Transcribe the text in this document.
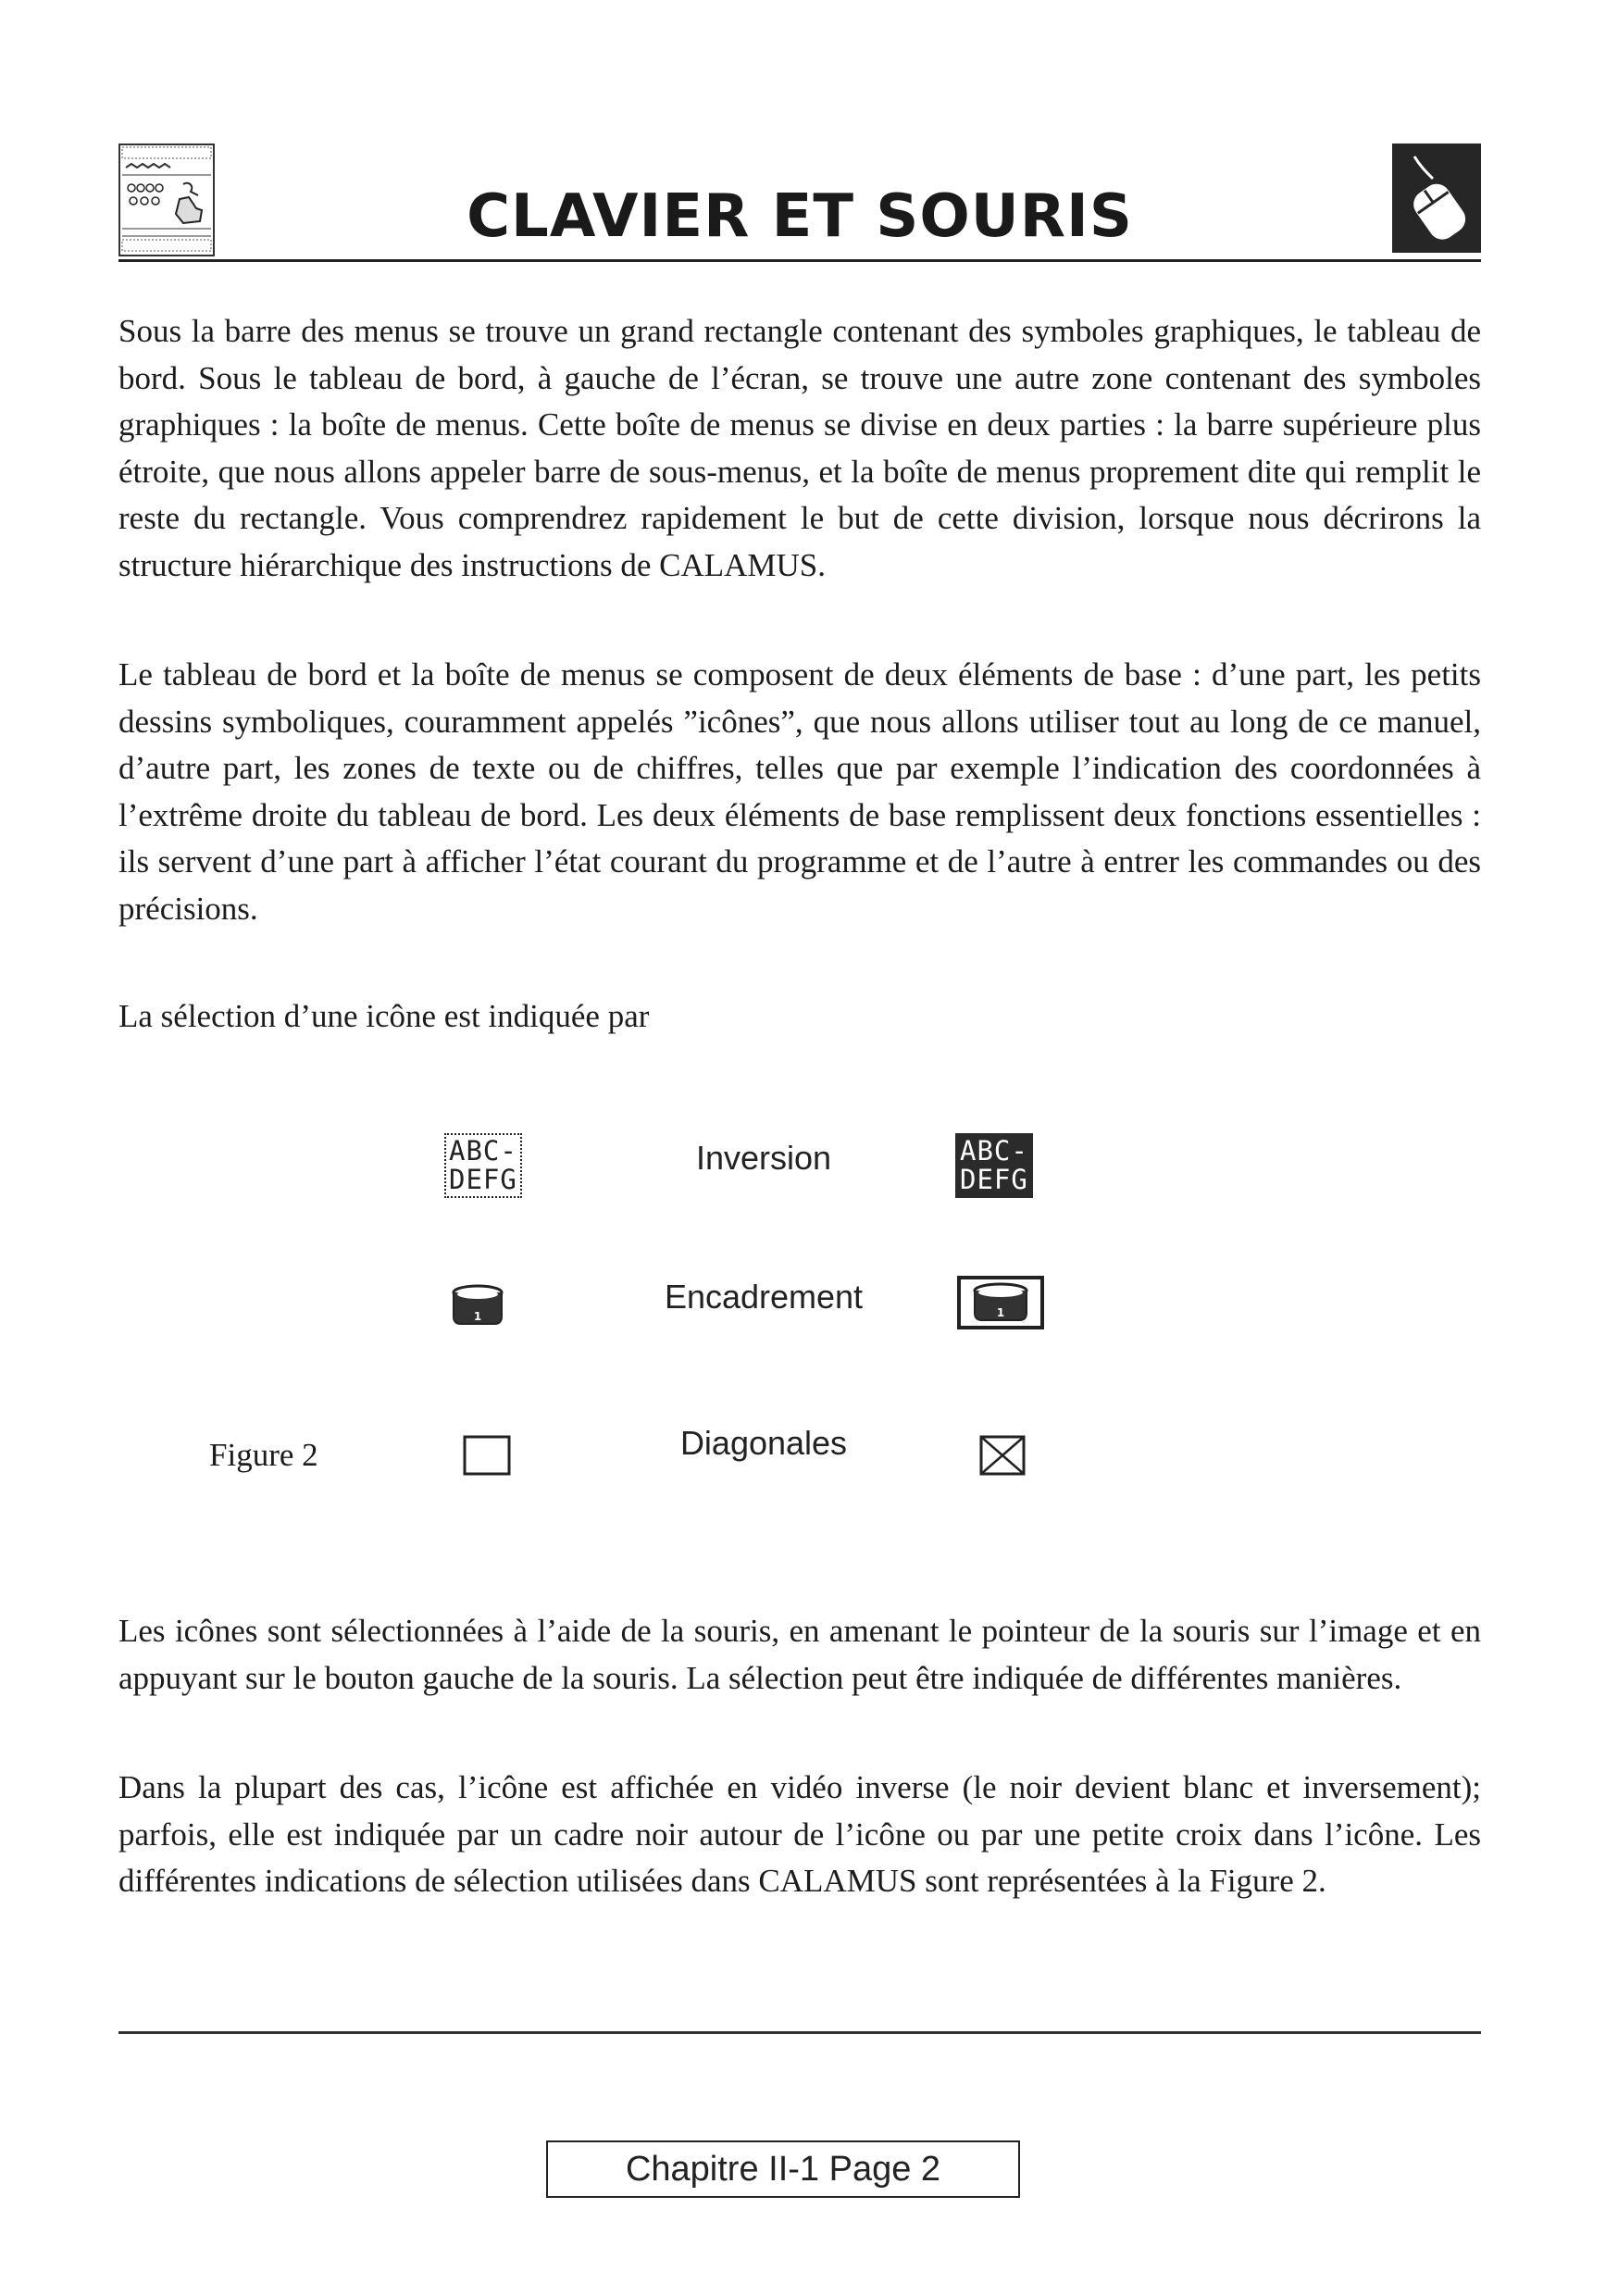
CLAVIER ET SOURIS

Sous la barre des menus se trouve un grand rectangle contenant des symboles graphiques, le tableau de bord. Sous le tableau de bord, à gauche de l’écran, se trouve une autre zone contenant des symboles graphiques : la boîte de menus. Cette boîte de menus se divise en deux parties : la barre supérieure plus étroite, que nous allons appeler barre de sous-menus, et la boîte de menus proprement dite qui remplit le reste du rectangle. Vous comprendrez rapidement le but de cette division, lorsque nous décrirons la structure hiérarchique des instructions de CALAMUS.

Le tableau de bord et la boîte de menus se composent de deux éléments de base : d’une part, les petits dessins symboliques, couramment appelés ”icônes”, que nous allons utiliser tout au long de ce manuel, d’autre part, les zones de texte ou de chiffres, telles que par exemple l’indication des coordonnées à l’extrême droite du tableau de bord. Les deux éléments de base remplissent deux fonctions essentielles : ils servent d’une part à afficher l’état courant du programme et de l’autre à entrer les commandes ou des précisions.

La sélection d’une icône est indiquée par

ABC-
DEFG
Inversion	ABC-
DEFG
1
Encadrement	1
Diagonales
Figure 2

Les icônes sont sélectionnées à l’aide de la souris, en amenant le pointeur de la souris sur l’image et en appuyant sur le bouton gauche de la souris. La sélection peut être indiquée de différentes manières.

Dans la plupart des cas, l’icône est affichée en vidéo inverse (le noir devient blanc et inversement); parfois, elle est indiquée par un cadre noir autour de l’icône ou par une petite croix dans l’icône. Les différentes indications de sélection utilisées dans CALAMUS sont représentées à la Figure 2.

Chapitre II-1 Page 2
